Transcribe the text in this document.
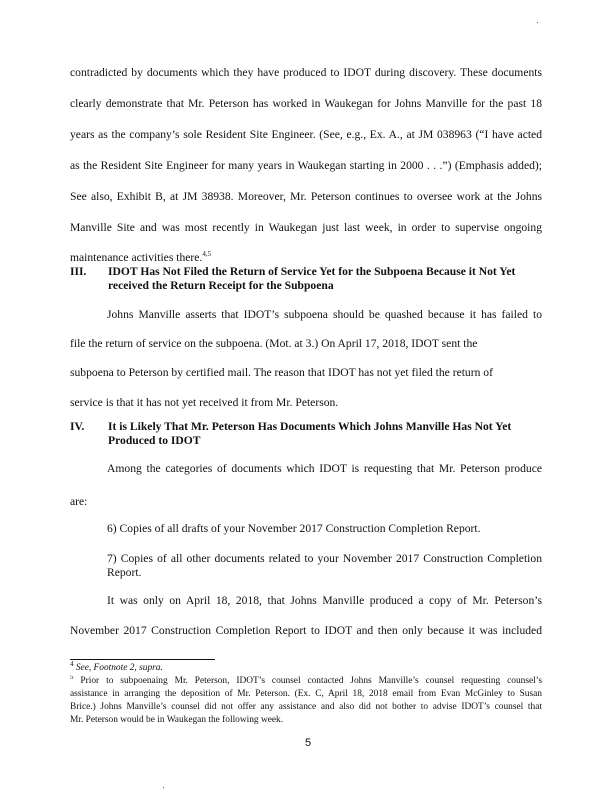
contradicted by documents which they have produced to IDOT during discovery. These documents
clearly demonstrate that Mr. Peterson has worked in Waukegan for Johns Manville for the past 18
years as the company’s sole Resident Site Engineer. (See, e.g., Ex. A., at JM 038963 (“I have acted
as the Resident Site Engineer for many years in Waukegan starting in 2000 . . .”) (Emphasis added);
See also, Exhibit B, at JM 38938. Moreover, Mr. Peterson continues to oversee work at the Johns
Manville Site and was most recently in Waukegan just last week, in order to supervise ongoing
maintenance activities there.$^{4,5}$
III. IDOT Has Not Filed the Return of Service Yet for the Subpoena Because it Not Yet received the Return Receipt for the Subpoena
Johns Manville asserts that IDOT’s subpoena should be quashed because it has failed to
file the return of service on the subpoena. (Mot. at 3.) On April 17, 2018, IDOT sent the
subpoena to Peterson by certified mail. The reason that IDOT has not yet filed the return of
service is that it has not yet received it from Mr. Peterson.
IV. It is Likely That Mr. Peterson Has Documents Which Johns Manville Has Not Yet Produced to IDOT
Among the categories of documents which IDOT is requesting that Mr. Peterson produce
are:
6) Copies of all drafts of your November 2017 Construction Completion Report.
7) Copies of all other documents related to your November 2017 Construction Completion Report.
It was only on April 18, 2018, that Johns Manville produced a copy of Mr. Peterson’s
November 2017 Construction Completion Report to IDOT and then only because it was included
$^4$ See, Footnote 2, supra.
$^5$ Prior to subpoenaing Mr. Peterson, IDOT’s counsel contacted Johns Manville’s counsel requesting counsel’s
assistance in arranging the deposition of Mr. Peterson. (Ex. C, April 18, 2018 email from Evan McGinley to Susan
Brice.) Johns Manville’s counsel did not offer any assistance and also did not bother to advise IDOT’s counsel that
Mr. Peterson would be in Waukegan the following week.
5
